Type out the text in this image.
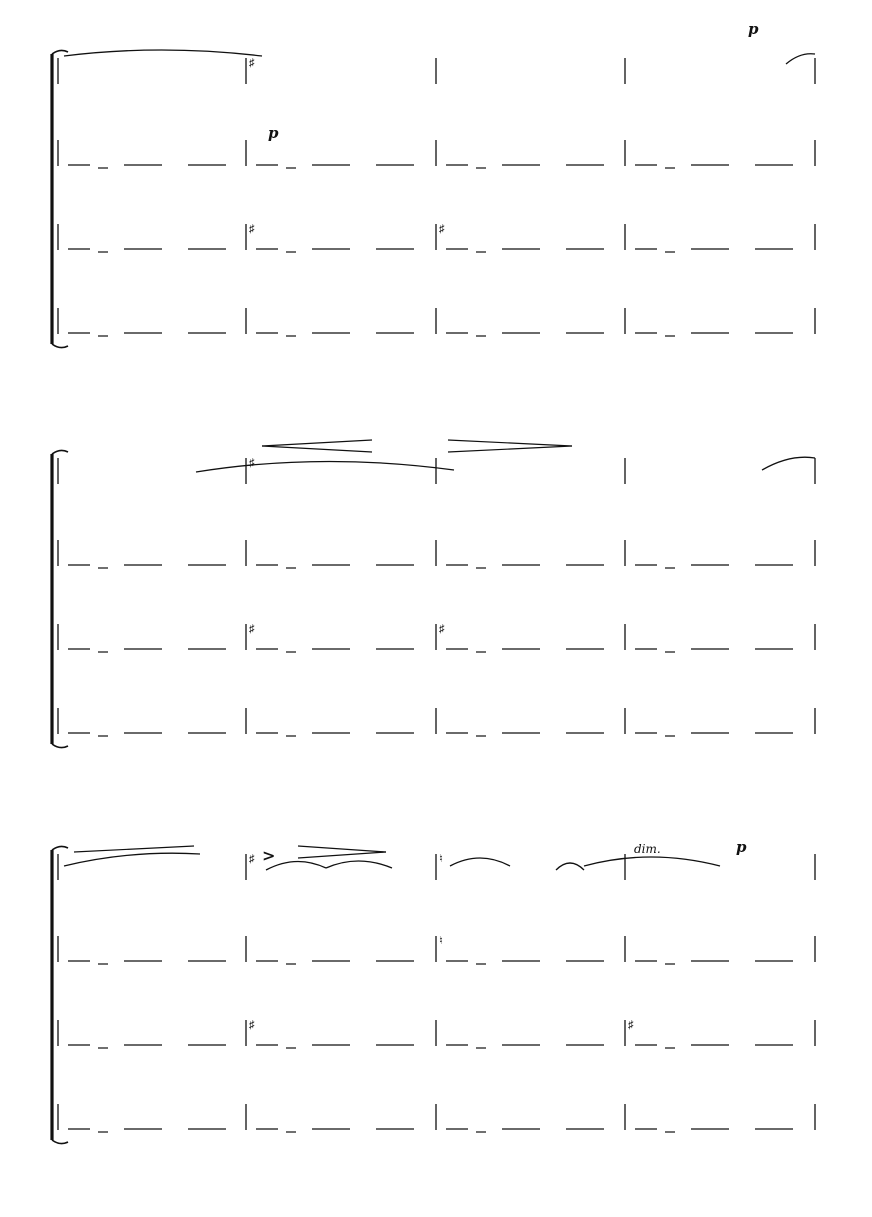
♯
♯	♯
♯
♯	♯
♯
♯
♮
♮
♯
p
p
dim.	p
>
